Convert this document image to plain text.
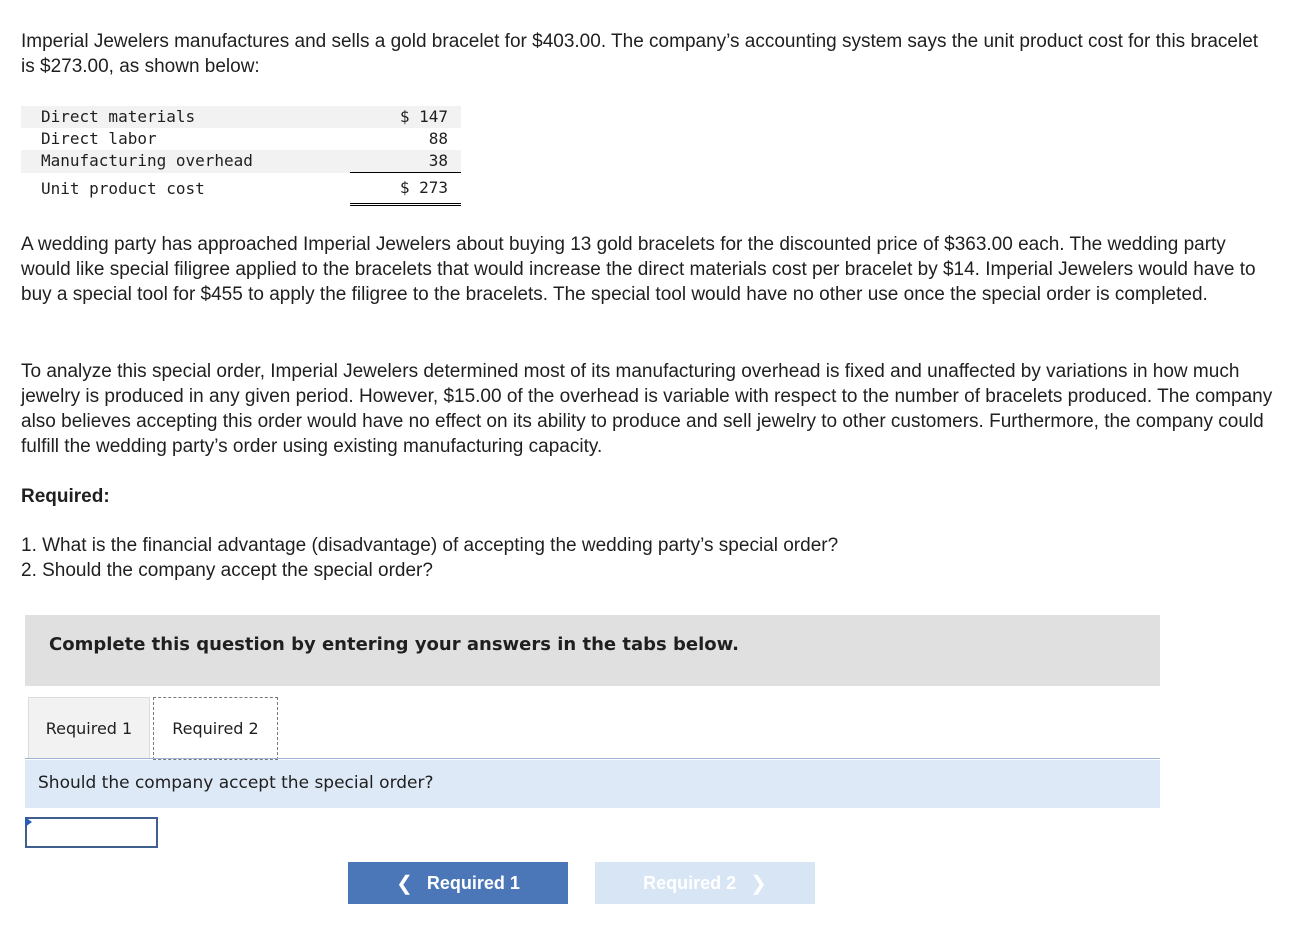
Imperial Jewelers manufactures and sells a gold bracelet for $403.00. The company’s accounting system says the unit product cost for this bracelet is $273.00, as shown below:

Direct materials	$ 147
Direct labor	88
Manufacturing overhead	38
Unit product cost	$ 273

A wedding party has approached Imperial Jewelers about buying 13 gold bracelets for the discounted price of $363.00 each. The wedding party would like special filigree applied to the bracelets that would increase the direct materials cost per bracelet by $14. Imperial Jewelers would have to buy a special tool for $455 to apply the filigree to the bracelets. The special tool would have no other use once the special order is completed.

To analyze this special order, Imperial Jewelers determined most of its manufacturing overhead is fixed and unaffected by variations in how much jewelry is produced in any given period. However, $15.00 of the overhead is variable with respect to the number of bracelets produced. The company also believes accepting this order would have no effect on its ability to produce and sell jewelry to other customers. Furthermore, the company could fulfill the wedding party’s order using existing manufacturing capacity.

Required:

1. What is the financial advantage (disadvantage) of accepting the wedding party’s special order?
2. Should the company accept the special order?

Complete this question by entering your answers in the tabs below.

Required 1	Required 2

Should the company accept the special order?

❮ Required 1	Required 2 ❯
